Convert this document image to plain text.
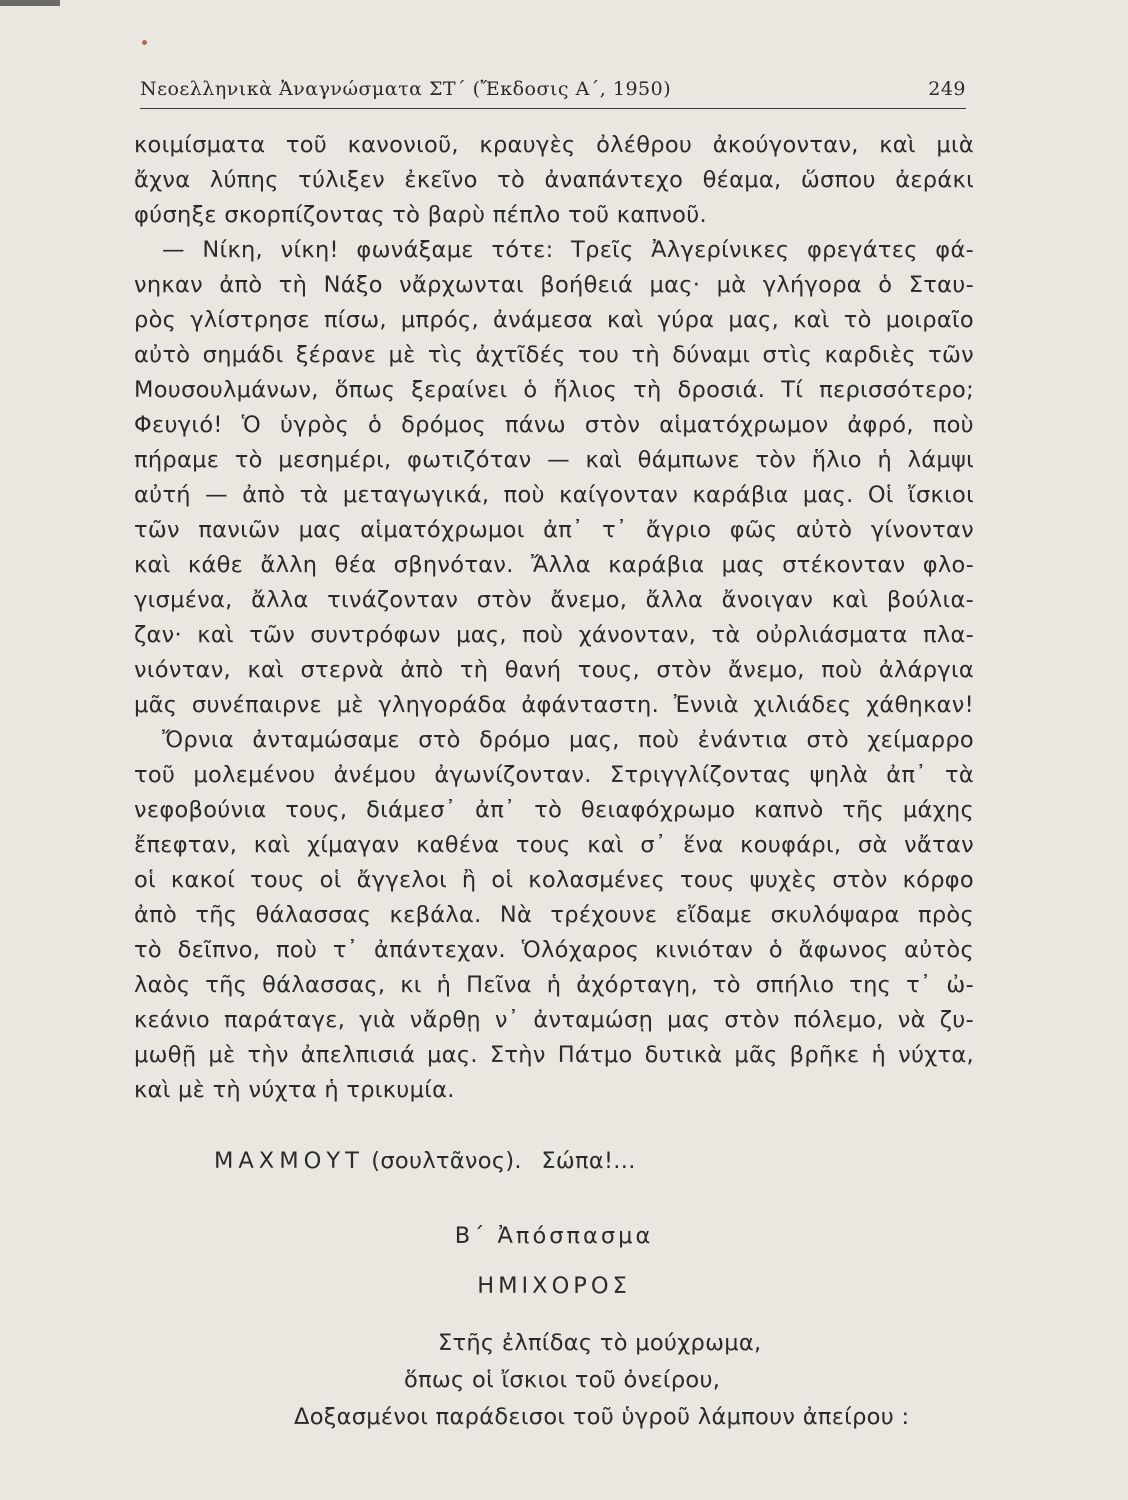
Νεοελληνικὰ Ἀναγνώσματα ΣΤ΄ (Ἔκδοσις Α΄, 1950)	249
κοιμίσματα τοῦ κανονιοῦ, κραυγὲς ὀλέθρου ἀκούγονταν, καὶ μιὰ
ἄχνα λύπης τύλιξεν ἐκεῖνο τὸ ἀναπάντεχο θέαμα, ὥσπου ἀεράκι
φύσηξε σκορπίζοντας τὸ βαρὺ πέπλο τοῦ καπνοῦ.
— Νίκη, νίκη! φωνάξαμε τότε: Τρεῖς Ἀλγερίνικες φρεγάτες φά-
νηκαν ἀπὸ τὴ Νάξο νἄρχωνται βοήθειά μας· μὰ γλήγορα ὁ Σταυ-
ρὸς γλίστρησε πίσω, μπρός, ἀνάμεσα καὶ γύρα μας, καὶ τὸ μοιραῖο
αὐτὸ σημάδι ξέρανε μὲ τὶς ἀχτῖδές του τὴ δύναμι στὶς καρδιὲς τῶν
Μουσουλμάνων, ὅπως ξεραίνει ὁ ἥλιος τὴ δροσιά. Τί περισσότερο;
Φευγιό! Ὁ ὑγρὸς ὁ δρόμος πάνω στὸν αἱματόχρωμον ἀφρό, ποὺ
πήραμε τὸ μεσημέρι, φωτιζόταν — καὶ θάμπωνε τὸν ἥλιο ἡ λάμψι
αὐτή — ἀπὸ τὰ μεταγωγικά, ποὺ καίγονταν καράβια μας. Οἱ ἴσκιοι
τῶν πανιῶν μας αἱματόχρωμοι ἀπ᾽ τ᾽ ἄγριο φῶς αὐτὸ γίνονταν
καὶ κάθε ἄλλη θέα σβηνόταν. Ἄλλα καράβια μας στέκονταν φλο-
γισμένα, ἄλλα τινάζονταν στὸν ἄνεμο, ἄλλα ἄνοιγαν καὶ βούλια-
ζαν· καὶ τῶν συντρόφων μας, ποὺ χάνονταν, τὰ οὐρλιάσματα πλα-
νιόνταν, καὶ στερνὰ ἀπὸ τὴ θανή τους, στὸν ἄνεμο, ποὺ ἀλάργια
μᾶς συνέπαιρνε μὲ γληγοράδα ἀφάνταστη. Ἐννιὰ χιλιάδες χάθηκαν!
Ὄρνια ἀνταμώσαμε στὸ δρόμο μας, ποὺ ἐνάντια στὸ χείμαρρο
τοῦ μολεμένου ἀνέμου ἀγωνίζονταν. Στριγγλίζοντας ψηλὰ ἀπ᾽ τὰ
νεφοβούνια τους, διάμεσ᾽ ἀπ᾽ τὸ θειαφόχρωμο καπνὸ τῆς μάχης
ἔπεφταν, καὶ χίμαγαν καθένα τους καὶ σ᾽ ἕνα κουφάρι, σὰ νἄταν
οἱ κακοί τους οἱ ἄγγελοι ἢ οἱ κολασμένες τους ψυχὲς στὸν κόρφο
ἀπὸ τῆς θάλασσας κεβάλα. Νὰ τρέχουνε εἴδαμε σκυλόψαρα πρὸς
τὸ δεῖπνο, ποὺ τ᾽ ἀπάντεχαν. Ὁλόχαρος κινιόταν ὁ ἄφωνος αὐτὸς
λαὸς τῆς θάλασσας, κι ἡ Πεῖνα ἡ ἀχόρταγη, τὸ σπήλιο της τ᾽ ὠ-
κεάνιο παράταγε, γιὰ νἄρθῃ ν᾽ ἀνταμώσῃ μας στὸν πόλεμο, νὰ ζυ-
μωθῇ μὲ τὴν ἀπελπισιά μας. Στὴν Πάτμο δυτικὰ μᾶς βρῆκε ἡ νύχτα,
καὶ μὲ τὴ νύχτα ἡ τρικυμία.
ΜΑΧΜΟΥΤ (σουλτᾶνος). Σώπα!...
Β΄ Ἀπόσπασμα
ΗΜΙΧΟΡΟΣ
Στῆς ἐλπίδας τὸ μούχρωμα,
ὅπως οἱ ἴσκιοι τοῦ ὀνείρου,
Δοξασμένοι παράδεισοι τοῦ ὑγροῦ λάμπουν ἀπείρου :
